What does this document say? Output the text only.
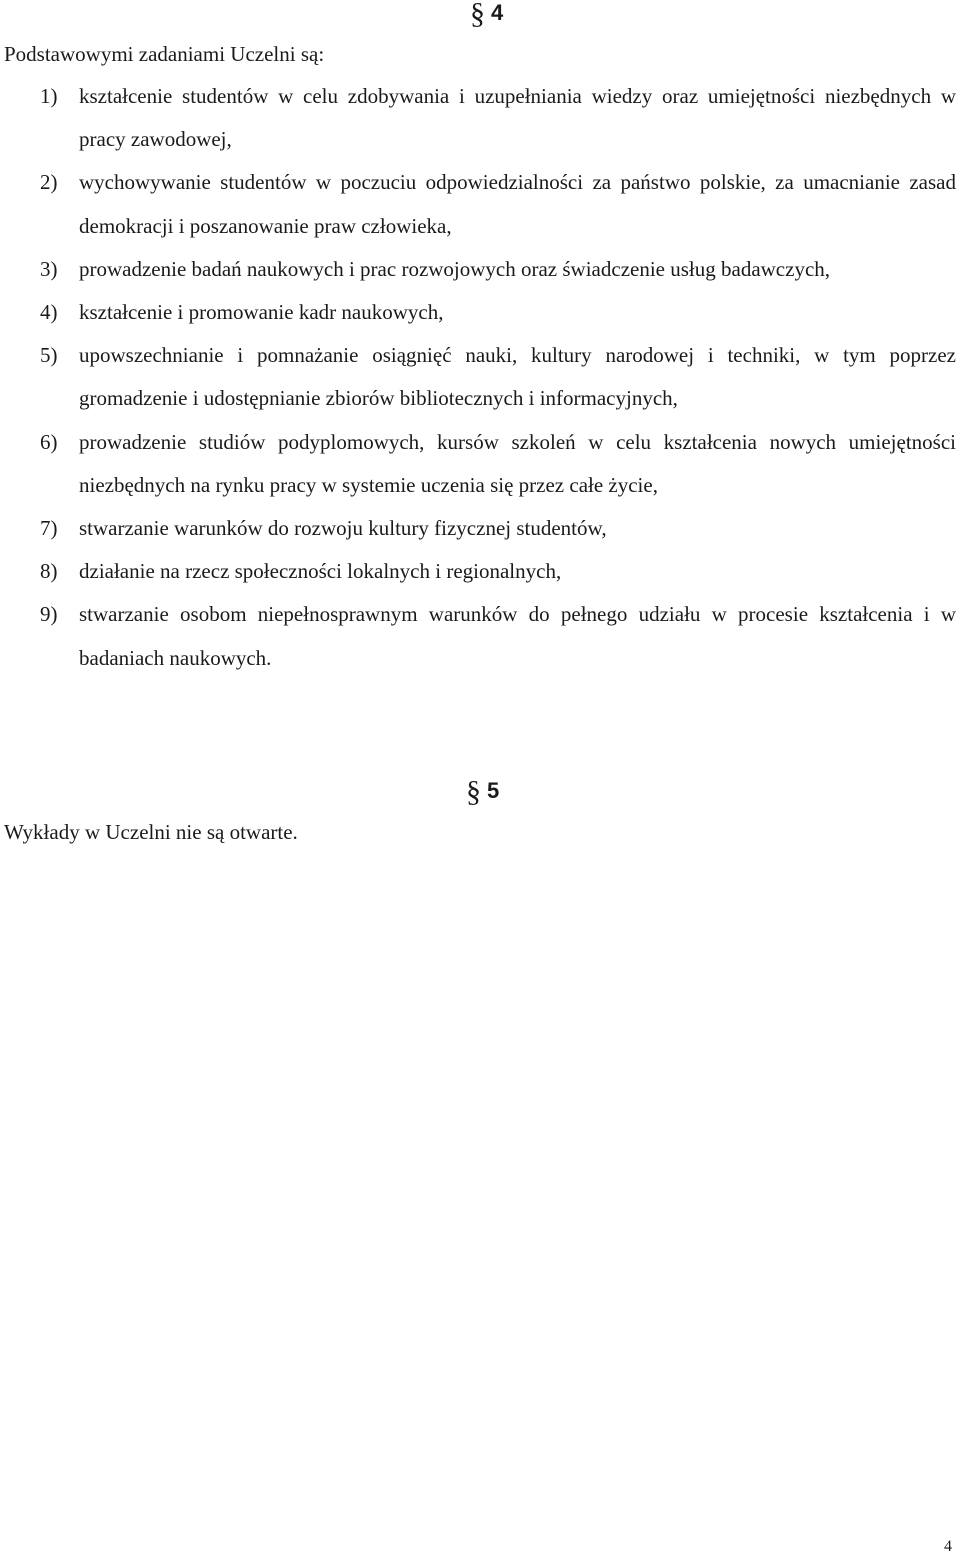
§ 4
Podstawowymi zadaniami Uczelni są:
1) kształcenie studentów w celu zdobywania i uzupełniania wiedzy oraz umiejętności niezbędnych w pracy zawodowej,
2) wychowywanie studentów w poczuciu odpowiedzialności za państwo polskie, za umacnianie zasad demokracji i poszanowanie praw człowieka,
3) prowadzenie badań naukowych i prac rozwojowych oraz świadczenie usług badawczych,
4) kształcenie i promowanie kadr naukowych,
5) upowszechnianie i pomnażanie osiągnięć nauki, kultury narodowej i techniki, w tym poprzez gromadzenie i udostępnianie zbiorów bibliotecznych i informacyjnych,
6) prowadzenie studiów podyplomowych, kursów szkoleń w celu kształcenia nowych umiejętności niezbędnych na rynku pracy w systemie uczenia się przez całe życie,
7) stwarzanie warunków do rozwoju kultury fizycznej studentów,
8) działanie na rzecz społeczności lokalnych i regionalnych,
9) stwarzanie osobom niepełnosprawnym warunków do pełnego udziału w procesie kształcenia i w badaniach naukowych.
§ 5
Wykłady w Uczelni nie są otwarte.
4
